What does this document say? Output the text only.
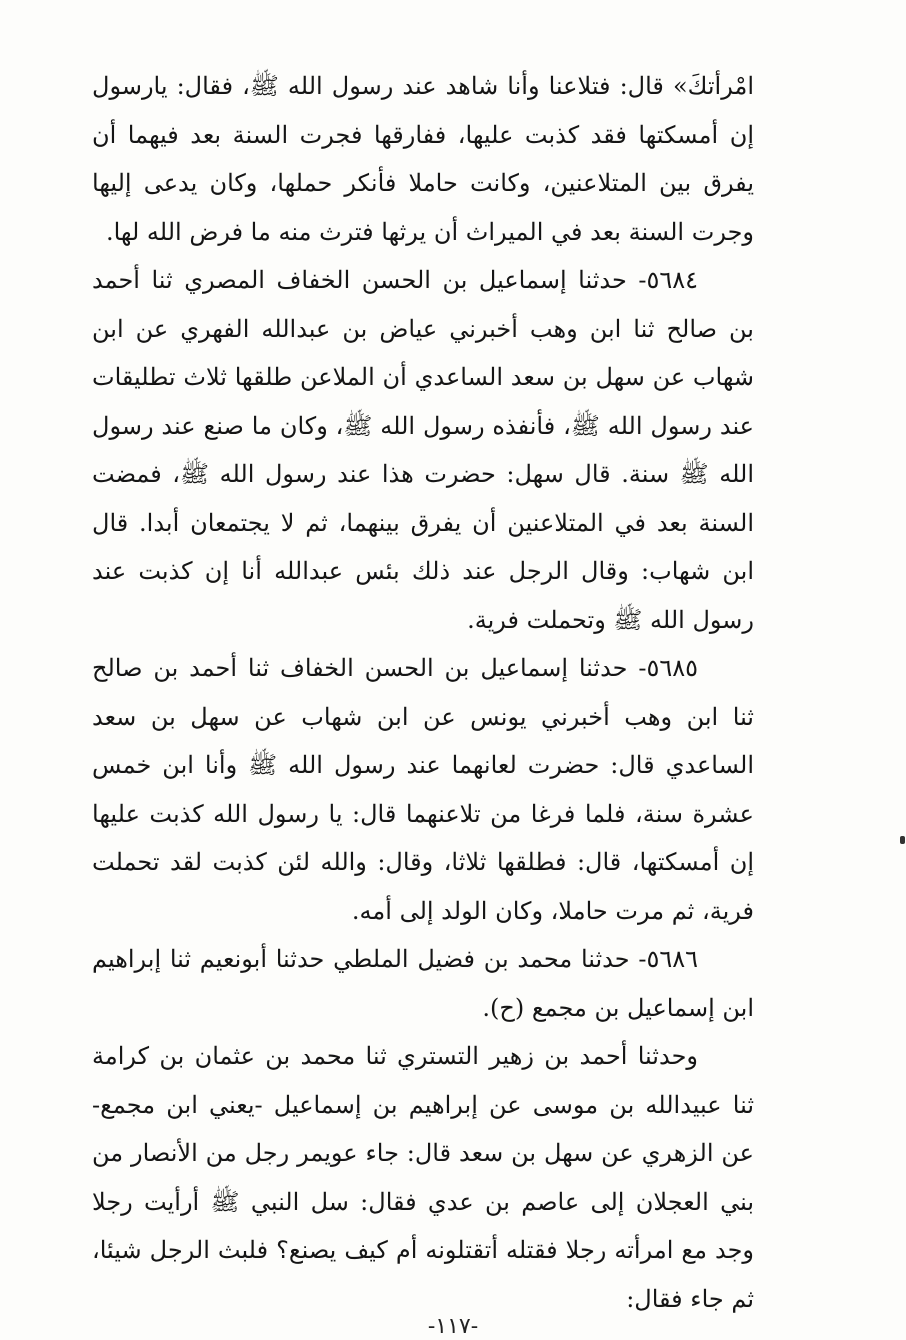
امْرأتكَ» قال: فتلاعنا وأنا شاهد عند رسول الله ﷺ، فقال: يارسول إن أمسكتها فقد كذبت عليها، ففارقها فجرت السنة بعد فيهما أن يفرق بين المتلاعنين، وكانت حاملا فأنكر حملها، وكان يدعى إليها وجرت السنة بعد في الميراث أن يرثها فترث منه ما فرض الله لها.

٥٦٨٤- حدثنا إسماعيل بن الحسن الخفاف المصري ثنا أحمد بن صالح ثنا ابن وهب أخبرني عياض بن عبدالله الفهري عن ابن شهاب عن سهل بن سعد الساعدي أن الملاعن طلقها ثلاث تطليقات عند رسول الله ﷺ، فأنفذه رسول الله ﷺ، وكان ما صنع عند رسول الله ﷺ سنة. قال سهل: حضرت هذا عند رسول الله ﷺ، فمضت السنة بعد في المتلاعنين أن يفرق بينهما، ثم لا يجتمعان أبدا. قال ابن شهاب: وقال الرجل عند ذلك بئس عبدالله أنا إن كذبت عند رسول الله ﷺ وتحملت فرية.

٥٦٨٥- حدثنا إسماعيل بن الحسن الخفاف ثنا أحمد بن صالح ثنا ابن وهب أخبرني يونس عن ابن شهاب عن سهل بن سعد الساعدي قال: حضرت لعانهما عند رسول الله ﷺ وأنا ابن خمس عشرة سنة، فلما فرغا من تلاعنهما قال: يا رسول الله كذبت عليها إن أمسكتها، قال: فطلقها ثلاثا، وقال: والله لئن كذبت لقد تحملت فرية، ثم مرت حاملا، وكان الولد إلى أمه.

٥٦٨٦- حدثنا محمد بن فضيل الملطي حدثنا أبونعيم ثنا إبراهيم ابن إسماعيل بن مجمع (ح).

وحدثنا أحمد بن زهير التستري ثنا محمد بن عثمان بن كرامة ثنا عبيدالله بن موسى عن إبراهيم بن إسماعيل -يعني ابن مجمع- عن الزهري عن سهل بن سعد قال: جاء عويمر رجل من الأنصار من بني العجلان إلى عاصم بن عدي فقال: سل النبي ﷺ أرأيت رجلا وجد مع امرأته رجلا فقتله أتقتلونه أم كيف يصنع؟ فلبث الرجل شيئا، ثم جاء فقال:

-١١٧-
